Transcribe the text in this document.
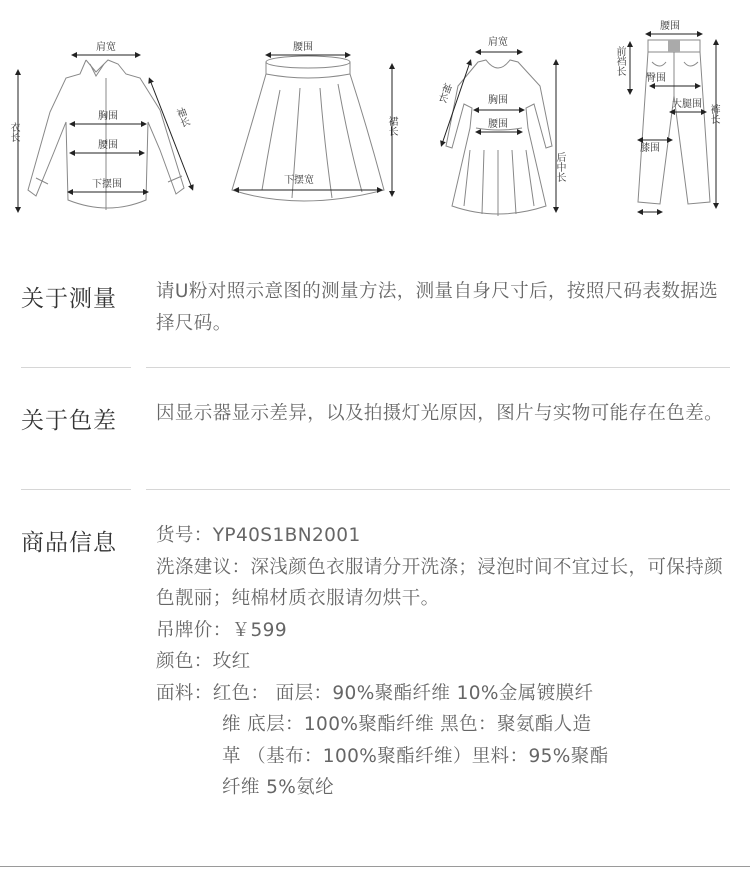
肩宽
胸围
腰围
下摆围
衣长
袖长
腰围
下摆宽
裙长
肩宽
胸围
腰围
袖长
后中长
腰围
前裆长
臀围
大腿围
膝围
裤长
关于测量 请U粉对照示意图的测量方法，测量自身尺寸后，按照尺码表数据选择尺码。

关于色差 因显示器显示差异，以及拍摄灯光原因，图片与实物可能存在色差。

商品信息 货号：YP40S1BN2001

洗涤建议：深浅颜色衣服请分开洗涤；浸泡时间不宜过长，可保持颜色靓丽；纯棉材质衣服请勿烘干。

吊牌价：￥599

颜色：玫红

面料：红色： 面层：90%聚酯纤维 10%金属镀膜纤

维 底层：100%聚酯纤维 黑色：聚氨酯人造

革 （基布：100%聚酯纤维）里料：95%聚酯

纤维 5%氨纶
